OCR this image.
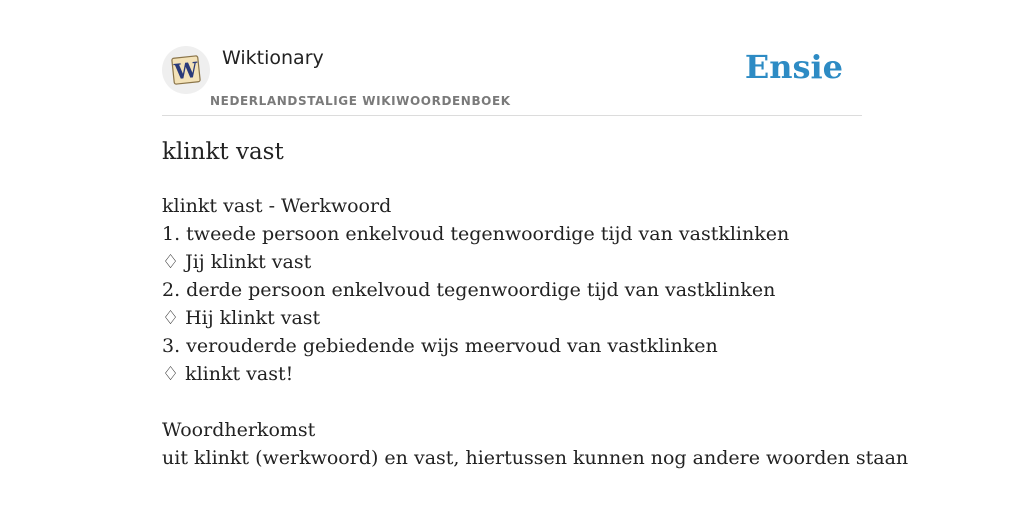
W Wiktionary
NEDERLANDSTALIGE WIKIWOORDENBOEK
Ensie
klinkt vast
klinkt vast - Werkwoord
1. tweede persoon enkelvoud tegenwoordige tijd van vastklinken
♢ Jij klinkt vast
2. derde persoon enkelvoud tegenwoordige tijd van vastklinken
♢ Hij klinkt vast
3. verouderde gebiedende wijs meervoud van vastklinken
♢ klinkt vast!
Woordherkomst
uit klinkt (werkwoord) en vast, hiertussen kunnen nog andere woorden staan
